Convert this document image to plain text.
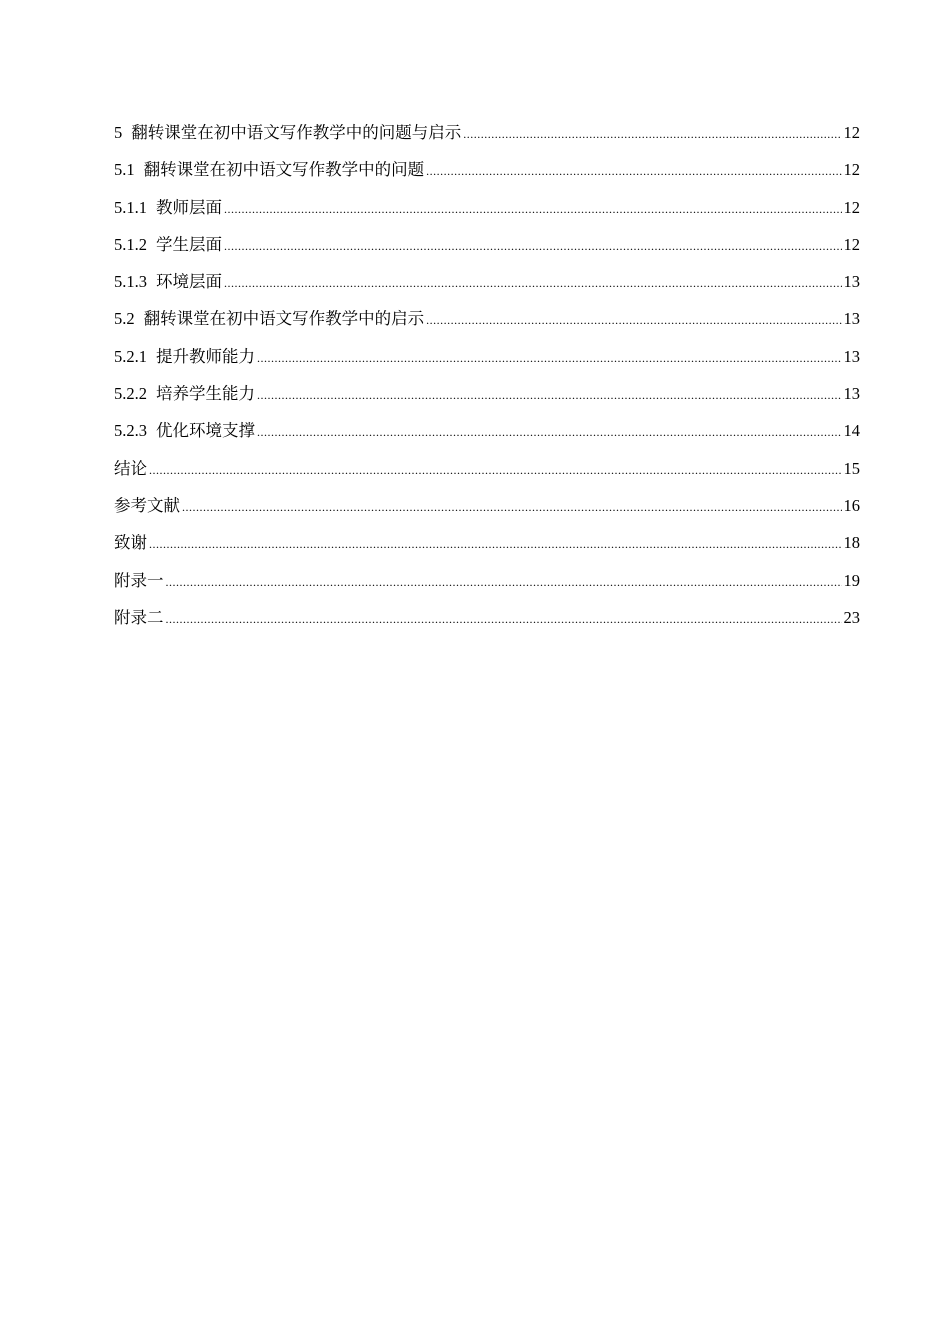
5 翻转课堂在初中语文写作教学中的问题与启示 .....	12
5.1 翻转课堂在初中语文写作教学中的问题 .....	12
5.1.1 教师层面 .....	12
5.1.2 学生层面 .....	12
5.1.3 环境层面 .....	13
5.2 翻转课堂在初中语文写作教学中的启示 .....	13
5.2.1 提升教师能力 .....	13
5.2.2 培养学生能力 .....	13
5.2.3 优化环境支撑 .....	14
结论 .....	15
参考文献 .....	16
致谢 .....	18
附录一 .....	19
附录二 .....	23
